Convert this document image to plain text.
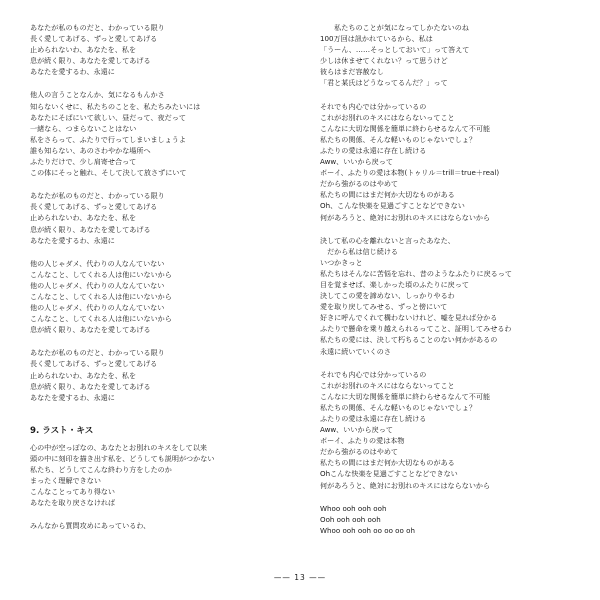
あなたが私のものだと、わかっている限り
長く愛してあげる、ずっと愛してあげる
止められないわ、あなたを、私を
息が続く限り、あなたを愛してあげる
あなたを愛するわ、永遠に
他人の言うことなんか、気になるもんかさ
知らないくせに、私たちのことを、私たちみたいには
あなたにそばにいて欲しい、昼だって、夜だって
一緒なら、つまらないことはない
私をさらって、ふたりで行ってしまいましょうよ
誰も知らない、あのさわやかな場所へ
ふたりだけで、少し肩寄せ合って
この体にそっと触れ、そして決して放さずにいて
あなたが私のものだと、わかっている限り
長く愛してあげる、ずっと愛してあげる
止められないわ、あなたを、私を
息が続く限り、あなたを愛してあげる
あなたを愛するわ、永遠に
他の人じゃダメ、代わりの人なんていない
こんなこと、してくれる人は他にいないから
他の人じゃダメ、代わりの人なんていない
こんなこと、してくれる人は他にいないから
他の人じゃダメ、代わりの人なんていない
こんなこと、してくれる人は他にいないから
息が続く限り、あなたを愛してあげる
あなたが私のものだと、わかっている限り
長く愛してあげる、ずっと愛してあげる
止められないわ、あなたを、私を
息が続く限り、あなたを愛してあげる
あなたを愛するわ、永遠に
9. ラスト・キス
心の中が空っぽなの、あなたとお別れのキスをして以来
頭の中に刻印を描き出す私を、どうしても説明がつかない
私たち、どうしてこんな終わり方をしたのか
まったく理解できない
こんなことってあり得ない
あなたを取り戻さなければ
みんなから質問攻めにあっているわ、
　　私たちのことが気になってしかたないのね
100万回は訊かれているから、私は
「うーん、……そっとしておいて」って答えて
少しは休ませてくれない？って思うけど
彼らはまだ容赦なし
「君と某氏はどうなってるんだ？」って
それでも内心では分かっているの
これがお別れのキスにはならないってこと
こんなに大切な関係を簡単に終わらせるなんて不可能
私たちの関係、そんな軽いものじゃないでしょ？
ふたりの愛は永遠に存在し続ける
Aww、いいから戻って
ボーイ、ふたりの愛は本物(トゥリル＝trill＝true＋real)
だから強がるのはやめて
私たちの間にはまだ何か大切なものがある
Oh、こんな快楽を見過ごすことなどできない
何があろうと、絶対にお別れのキスにはならないから
決して私の心を離れないと言ったあなた、
　だから私は信じ続ける
いつかきっと
私たちはそんなに苦悩を忘れ、昔のようなふたりに戻るって
目を覚ませば、楽しかった頃のふたりに戻って
決してこの愛を諦めない、しっかりやるわ
愛を取り戻してみせる、ずっと傍にいて
好きに呼んでくれて構わないけれど、嘘を見れば分かる
ふたりで懸命を乗り越えられるってこと、証明してみせるわ
私たちの愛には、決して朽ちることのない何かがあるの
永遠に続いていくのさ
それでも内心では分かっているの
これがお別れのキスにはならないってこと
こんなに大切な関係を簡単に終わらせるなんて不可能
私たちの関係、そんな軽いものじゃないでしょ？
ふたりの愛は永遠に存在し続ける
Aww、いいから戻って
ボーイ、ふたりの愛は本物
だから強がるのはやめて
私たちの間にはまだ何か大切なものがある
Ohこんな快楽を見過ごすことなどできない
何があろうと、絶対にお別れのキスにはならないから
Whoo ooh ooh ooh
Ooh ooh ooh ooh
Whoo ooh ooh oo oo oo oh
—— 13 ——
